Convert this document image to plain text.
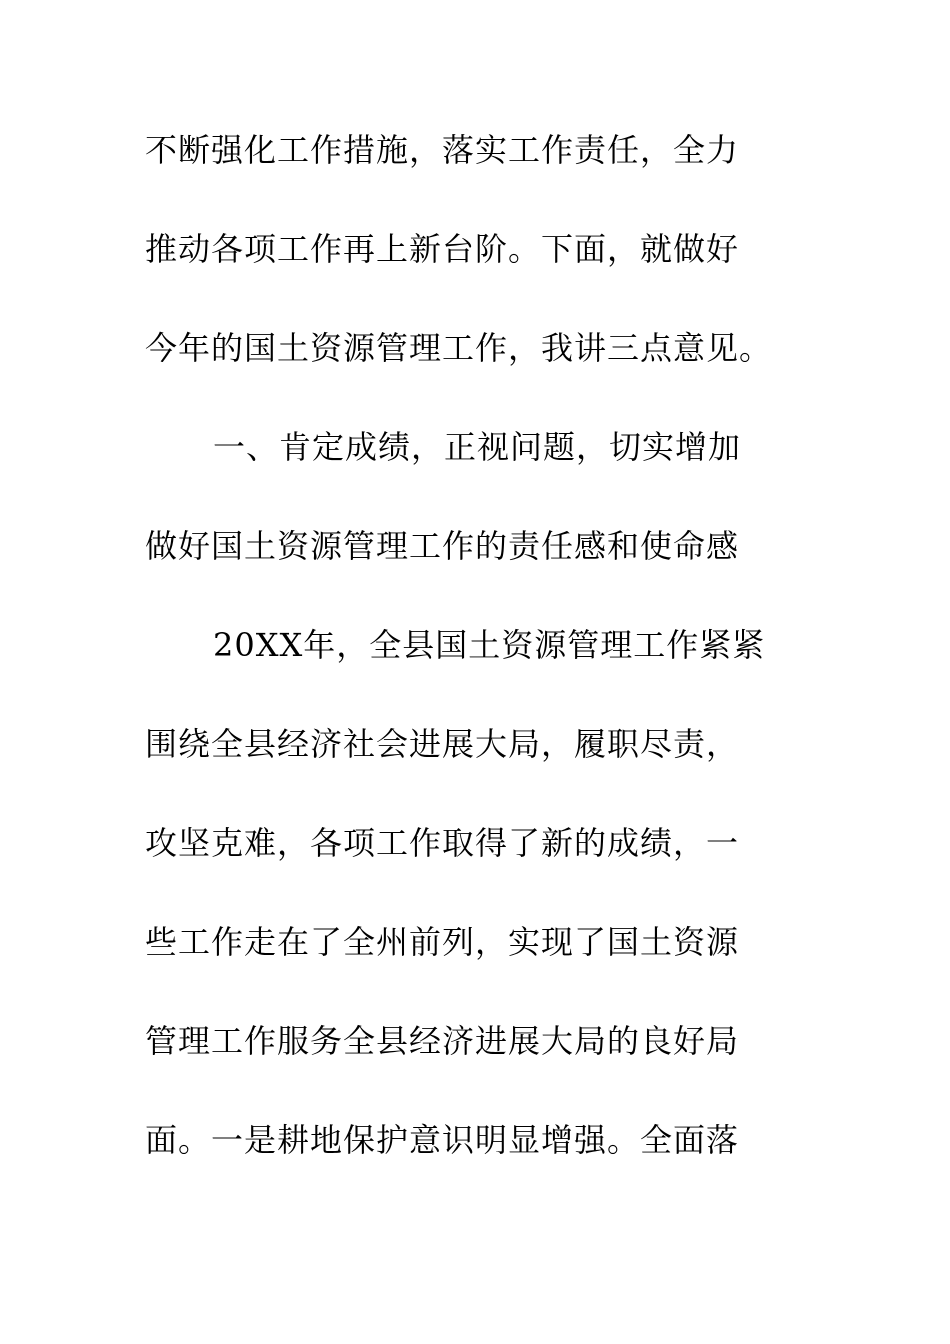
不断强化工作措施，落实工作责任，全力
推动各项工作再上新台阶。下面，就做好
今年的国土资源管理工作，我讲三点意见。
一、肯定成绩，正视问题，切实增加
做好国土资源管理工作的责任感和使命感
20XX年，全县国土资源管理工作紧紧
围绕全县经济社会进展大局，履职尽责，
攻坚克难，各项工作取得了新的成绩，一
些工作走在了全州前列，实现了国土资源
管理工作服务全县经济进展大局的良好局
面。一是耕地保护意识明显增强。全面落
